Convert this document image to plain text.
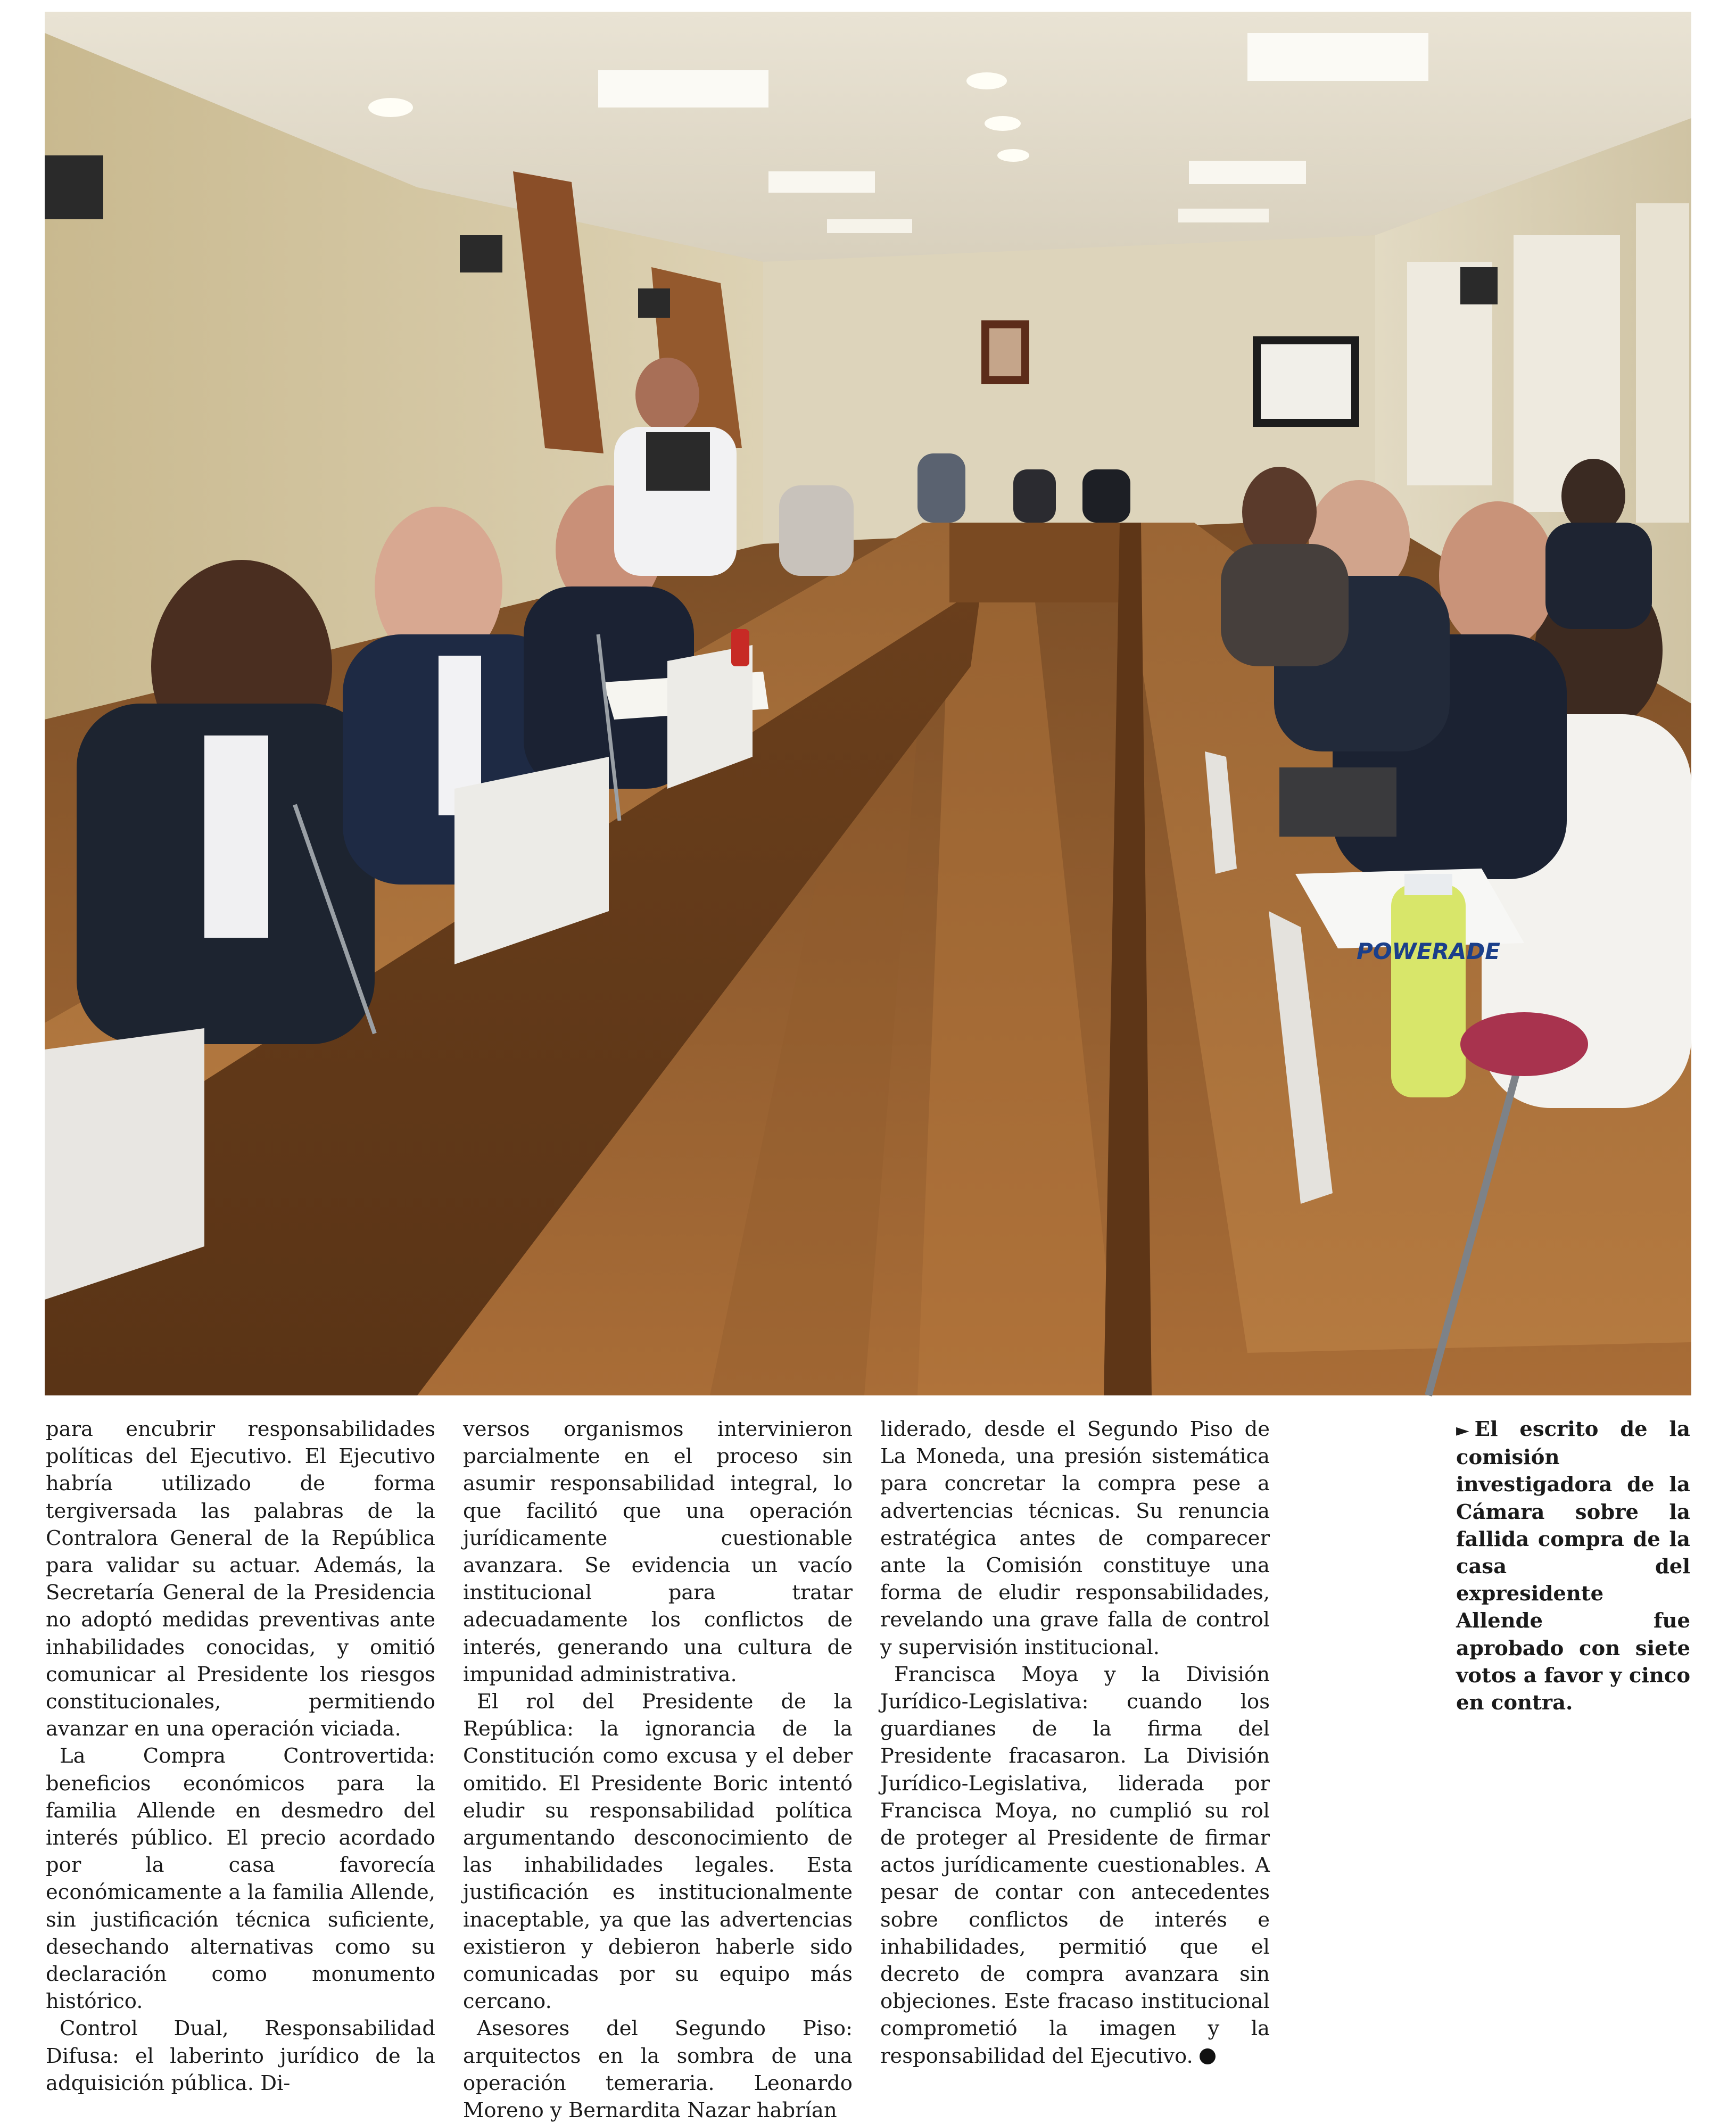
POWERADE

para encubrir responsabilidades políticas del Ejecutivo. El Ejecutivo habría utilizado de forma tergiversada las palabras de la Contralora General de la República para validar su actuar. Además, la Secretaría General de la Presidencia no adoptó medidas preventivas ante inhabilidades conocidas, y omitió comunicar al Presidente los riesgos constitucionales, permitiendo avanzar en una operación viciada.

La Compra Controvertida: beneficios económicos para la familia Allende en desmedro del interés público. El precio acordado por la casa favorecía económicamente a la familia Allende, sin justificación técnica suficiente, desechando alternativas como su declaración como monumento histórico.

Control Dual, Responsabilidad Difusa: el laberinto jurídico de la adquisición pública. Di-

versos organismos intervinieron parcialmente en el proceso sin asumir responsabilidad integral, lo que facilitó que una operación jurídicamente cuestionable avanzara. Se evidencia un vacío institucional para tratar adecuadamente los conflictos de interés, generando una cultura de impunidad administrativa.

El rol del Presidente de la República: la ignorancia de la Constitución como excusa y el deber omitido. El Presidente Boric intentó eludir su responsabilidad política argumentando desconocimiento de las inhabilidades legales. Esta justificación es institucionalmente inaceptable, ya que las advertencias existieron y debieron haberle sido comunicadas por su equipo más cercano.

Asesores del Segundo Piso: arquitectos en la sombra de una operación temeraria. Leonardo Moreno y Bernardita Nazar habrían

liderado, desde el Segundo Piso de La Moneda, una presión sistemática para concretar la compra pese a advertencias técnicas. Su renuncia estratégica antes de comparecer ante la Comisión constituye una forma de eludir responsabilidades, revelando una grave falla de control y supervisión institucional.

Francisca Moya y la División Jurídico-Legislativa: cuando los guardianes de la firma del Presidente fracasaron. La División Jurídico-Legislativa, liderada por Francisca Moya, no cumplió su rol de proteger al Presidente de firmar actos jurídicamente cuestionables. A pesar de contar con antecedentes sobre conflictos de interés e inhabilidades, permitió que el decreto de compra avanzara sin objeciones. Este fracaso institucional comprometió la imagen y la responsabilidad del Ejecutivo.

► El escrito de la comisión investigadora de la Cámara sobre la fallida compra de la casa del expresidente Allende fue aprobado con siete votos a favor y cinco en contra.
